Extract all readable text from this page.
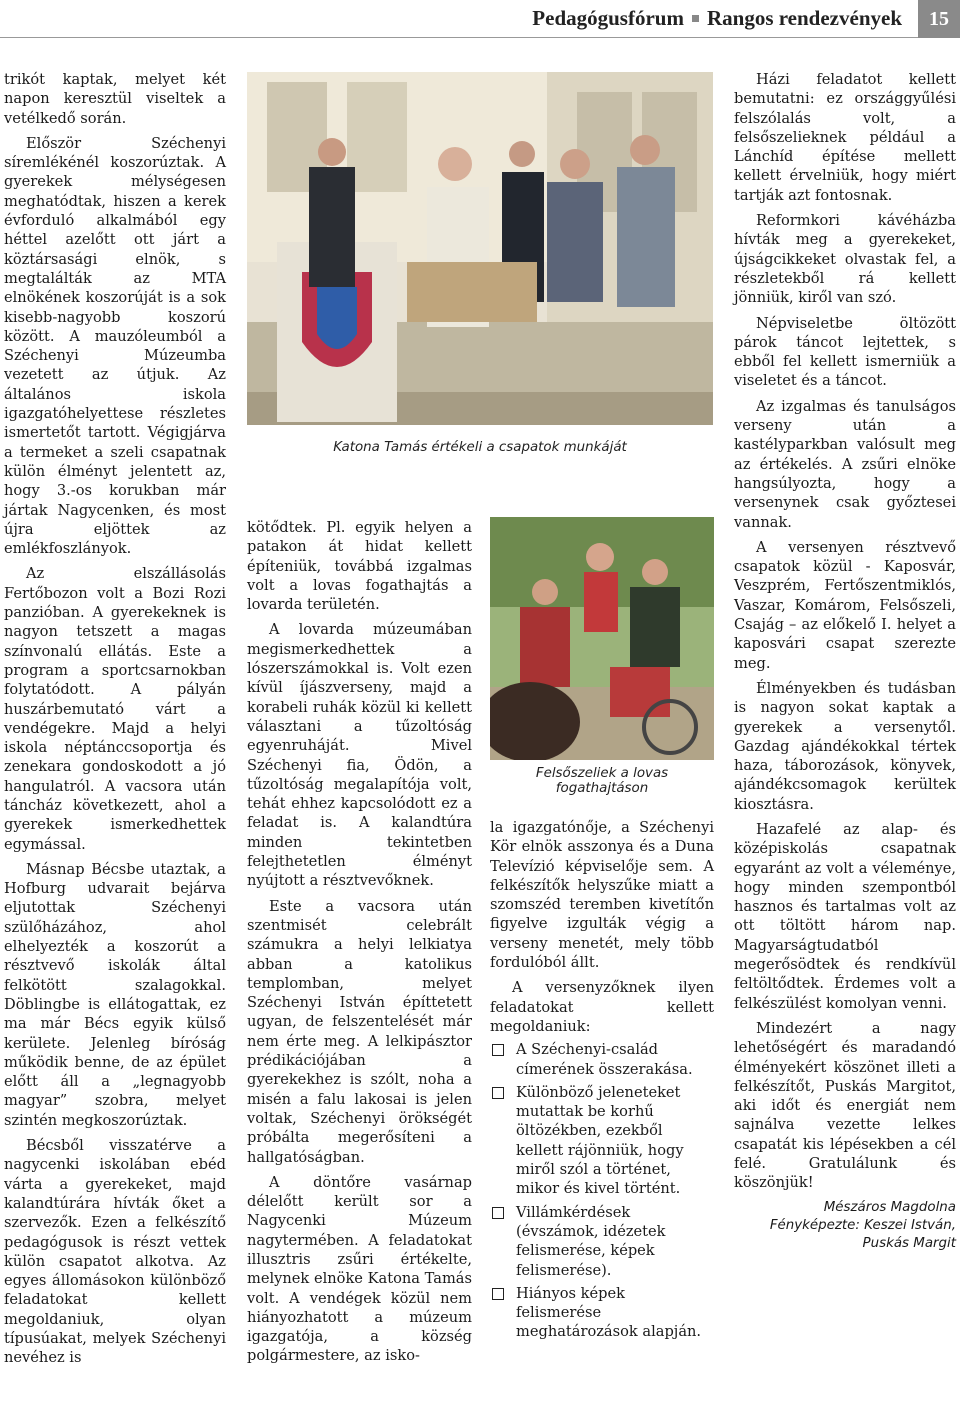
Pedagógusfórum Rangos rendezvények	15

trikót kaptak, melyet két napon keresztül viseltek a vetélkedő során.

Először Széchenyi síremlékénél koszorúztak. A gyerekek mélységesen meghatódtak, hiszen a kerek évforduló alkalmából egy héttel azelőtt ott járt a köztársasági elnök, s megtalálták az MTA elnökének koszorúját is a sok kisebb-nagyobb koszorú között. A mauzóleumból a Széchenyi Múzeumba vezetett az útjuk. Az általános iskola igazgatóhelyettese részletes ismertetőt tartott. Végigjárva a termeket a szeli csapatnak külön élményt jelentett az, hogy 3.-os korukban már jártak Nagycenken, és most újra eljöttek az emlékfoszlányok.

Az elszállásolás Fertőbozon volt a Bozi Rozi panzióban. A gyerekeknek is nagyon tetszett a magas színvonalú ellátás. Este a program a sportcsarnokban folytatódott. A pályán huszárbemutató várt a vendégekre. Majd a helyi iskola néptánccsoportja és zenekara gondoskodott a jó hangulatról. A vacsora után táncház következett, ahol a gyerekek ismerkedhettek egymással.

Másnap Bécsbe utaztak, a Hofburg udvarait bejárva eljutottak Széchenyi szülőházához, ahol elhelyezték a koszorút a résztvevő iskolák által felkötött szalagokkal. Döblingbe is ellátogattak, ez ma már Bécs egyik külső kerülete. Jelenleg bíróság működik benne, de az épület előtt áll a „legnagyobb magyar” szobra, melyet szintén megkoszorúztak.

Bécsből visszatérve a nagycenki iskolában ebéd várta a gyerekeket, majd kalandtúrára hívták őket a szervezők. Ezen a felkészítő pedagógusok is részt vettek külön csapatot alkotva. Az egyes állomásokon különböző feladatokat kellett megoldaniuk, olyan típusúakat, melyek Széchenyi nevéhez is

Katona Tamás értékeli a csapatok munkáját

kötődtek. Pl. egyik helyen a patakon át hidat kellett építeniük, továbbá izgalmas volt a lovas fogathajtás a lovarda területén.

A lovarda múzeumában megismerkedhettek a lószerszámokkal is. Volt ezen kívül íjászverseny, majd a korabeli ruhák közül ki kellett választani a tűzoltóság egyenruháját. Mivel Széchenyi fia, Ödön, a tűzoltóság megalapítója volt, tehát ehhez kapcsolódott ez a feladat is. A kalandtúra minden tekintetben felejthetetlen élményt nyújtott a résztvevőknek.

Este a vacsora után szentmisét celebrált számukra a helyi lelkiatya abban a katolikus templomban, melyet Széchenyi István építtetett ugyan, de felszentelését már nem érte meg. A lelkipásztor prédikációjában a gyerekekhez is szólt, noha a misén a falu lakosai is jelen voltak, Széchenyi örökségét próbálta megerősíteni a hallgatóságban.

A döntőre vasárnap délelőtt került sor a Nagycenki Múzeum nagytermében. A feladatokat illusztris zsűri értékelte, melynek elnöke Katona Tamás volt. A vendégek közül nem hiányozhatott a múzeum igazgatója, a község polgármestere, az isko-

Felsőszeliek a lovas fogathajtáson

la igazgatónője, a Széchenyi Kör elnök asszonya és a Duna Televízió képviselője sem. A felkészítők helyszűke miatt a szomszéd teremben kivetítőn figyelve izgulták végig a verseny menetét, mely több fordulóból állt.

A versenyzőknek ilyen feladatokat kellett megoldaniuk:

A Széchenyi-család címerének összerakása.
Különböző jeleneteket mutattak be korhű öltözékben, ezekből kellett rájönniük, hogy miről szól a történet, mikor és kivel történt.
Villámkérdések (évszámok, idézetek felismerése, képek felismerése).
Hiányos képek felismerése meghatározások alapján.

Házi feladatot kellett bemutatni: ez országgyűlési felszólalás volt, a felsőszelieknek például a Lánchíd építése mellett kellett érvelniük, hogy miért tartják azt fontosnak.

Reformkori kávéházba hívták meg a gyerekeket, újságcikkeket olvastak fel, a részletekből rá kellett jönniük, kiről van szó.

Népviseletbe öltözött párok táncot lejtettek, s ebből fel kellett ismerniük a viseletet és a táncot.

Az izgalmas és tanulságos verseny után a kastélyparkban valósult meg az értékelés. A zsűri elnöke hangsúlyozta, hogy a versenynek csak győztesei vannak.

A versenyen résztvevő csapatok közül - Kaposvár, Veszprém, Fertőszentmiklós, Vaszar, Komárom, Felsőszeli, Csajág – az előkelő I. helyet a kaposvári csapat szerezte meg.

Élményekben és tudásban is nagyon sokat kaptak a gyerekek a versenytől. Gazdag ajándékokkal tértek haza, táborozások, könyvek, ajándékcsomagok kerültek kiosztásra.

Hazafelé az alap- és középiskolás csapatnak egyaránt az volt a véleménye, hogy minden szempontból hasznos és tartalmas volt az ott töltött három nap. Magyarságtudatból megerősödtek és rendkívül feltöltődtek. Érdemes volt a felkészülést komolyan venni.

Mindezért a nagy lehetőségért és maradandó élményekért köszönet illeti a felkészítőt, Puskás Margitot, aki időt és energiát nem sajnálva vezette lelkes csapatát kis lépésekben a cél felé. Gratulálunk és köszönjük!

Mészáros Magdolna
Fényképezte: Keszei István,
Puskás Margit
